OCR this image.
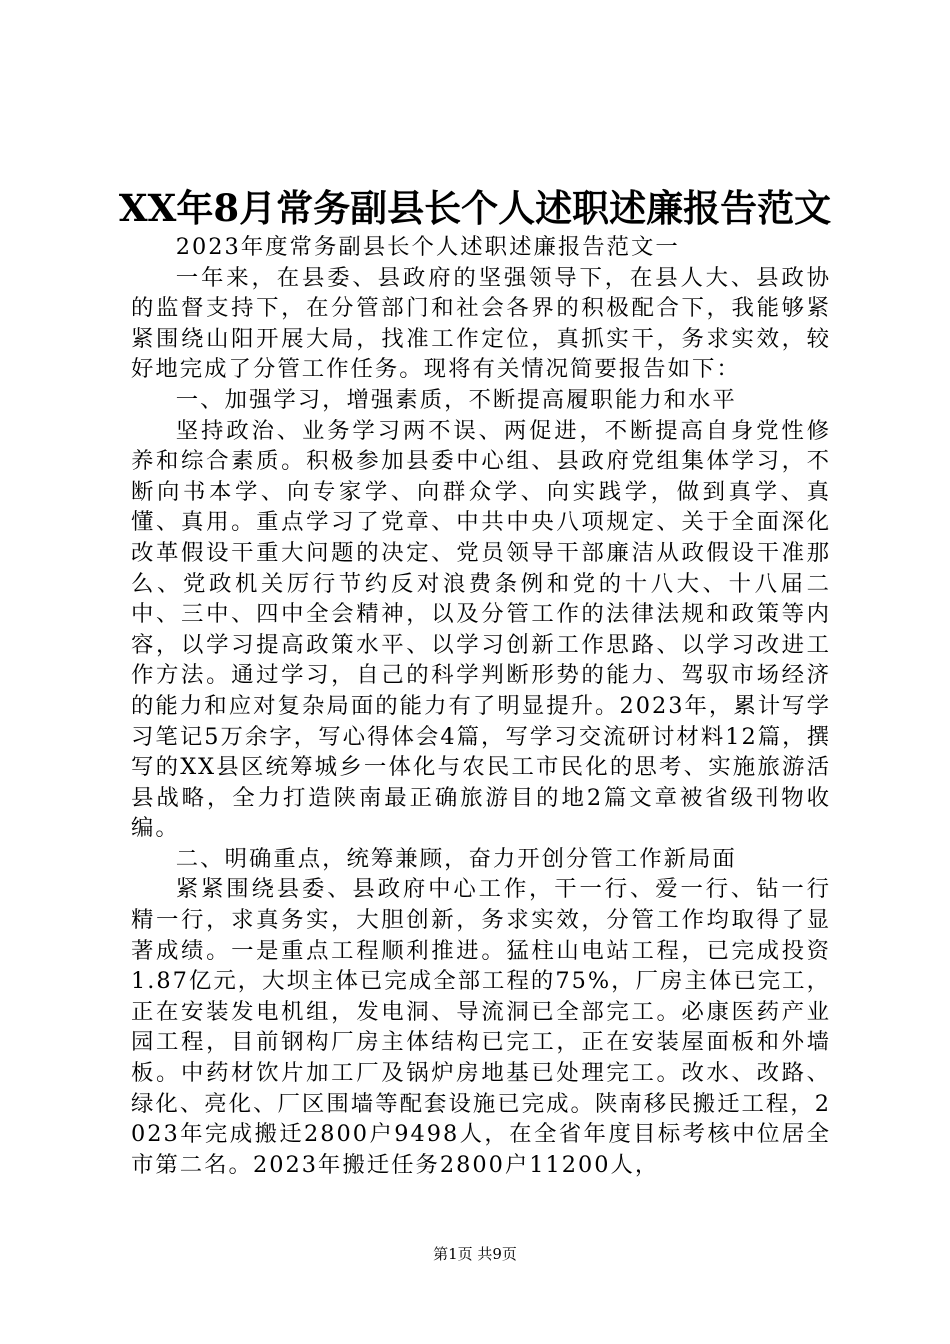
XX年8月常务副县长个人述职述廉报告范文

2023年度常务副县长个人述职述廉报告范文一

一年来，在县委、县政府的坚强领导下，在县人大、县政协的监督支持下，在分管部门和社会各界的积极配合下，我能够紧紧围绕山阳开展大局，找准工作定位，真抓实干，务求实效，较好地完成了分管工作任务。现将有关情况简要报告如下：

一、加强学习，增强素质，不断提高履职能力和水平

坚持政治、业务学习两不误、两促进，不断提高自身党性修养和综合素质。积极参加县委中心组、县政府党组集体学习，不断向书本学、向专家学、向群众学、向实践学，做到真学、真懂、真用。重点学习了党章、中共中央八项规定、关于全面深化改革假设干重大问题的决定、党员领导干部廉洁从政假设干准那么、党政机关厉行节约反对浪费条例和党的十八大、十八届二中、三中、四中全会精神，以及分管工作的法律法规和政策等内容，以学习提高政策水平、以学习创新工作思路、以学习改进工作方法。通过学习，自己的科学判断形势的能力、驾驭市场经济的能力和应对复杂局面的能力有了明显提升。2023年，累计写学习笔记5万余字，写心得体会4篇，写学习交流研讨材料12篇，撰写的XX县区统筹城乡一体化与农民工市民化的思考、实施旅游活县战略，全力打造陕南最正确旅游目的地2篇文章被省级刊物收编。

二、明确重点，统筹兼顾，奋力开创分管工作新局面

紧紧围绕县委、县政府中心工作，干一行、爱一行、钻一行精一行，求真务实，大胆创新，务求实效，分管工作均取得了显著成绩。一是重点工程顺利推进。猛柱山电站工程，已完成投资1.87亿元，大坝主体已完成全部工程的75%，厂房主体已完工，正在安装发电机组，发电洞、导流洞已全部完工。必康医药产业园工程，目前钢构厂房主体结构已完工，正在安装屋面板和外墙板。中药材饮片加工厂及锅炉房地基已处理完工。改水、改路、绿化、亮化、厂区围墙等配套设施已完成。陕南移民搬迁工程，2023年完成搬迁2800户9498人，在全省年度目标考核中位居全市第二名。2023年搬迁任务2800户11200人，

第1页 共9页
